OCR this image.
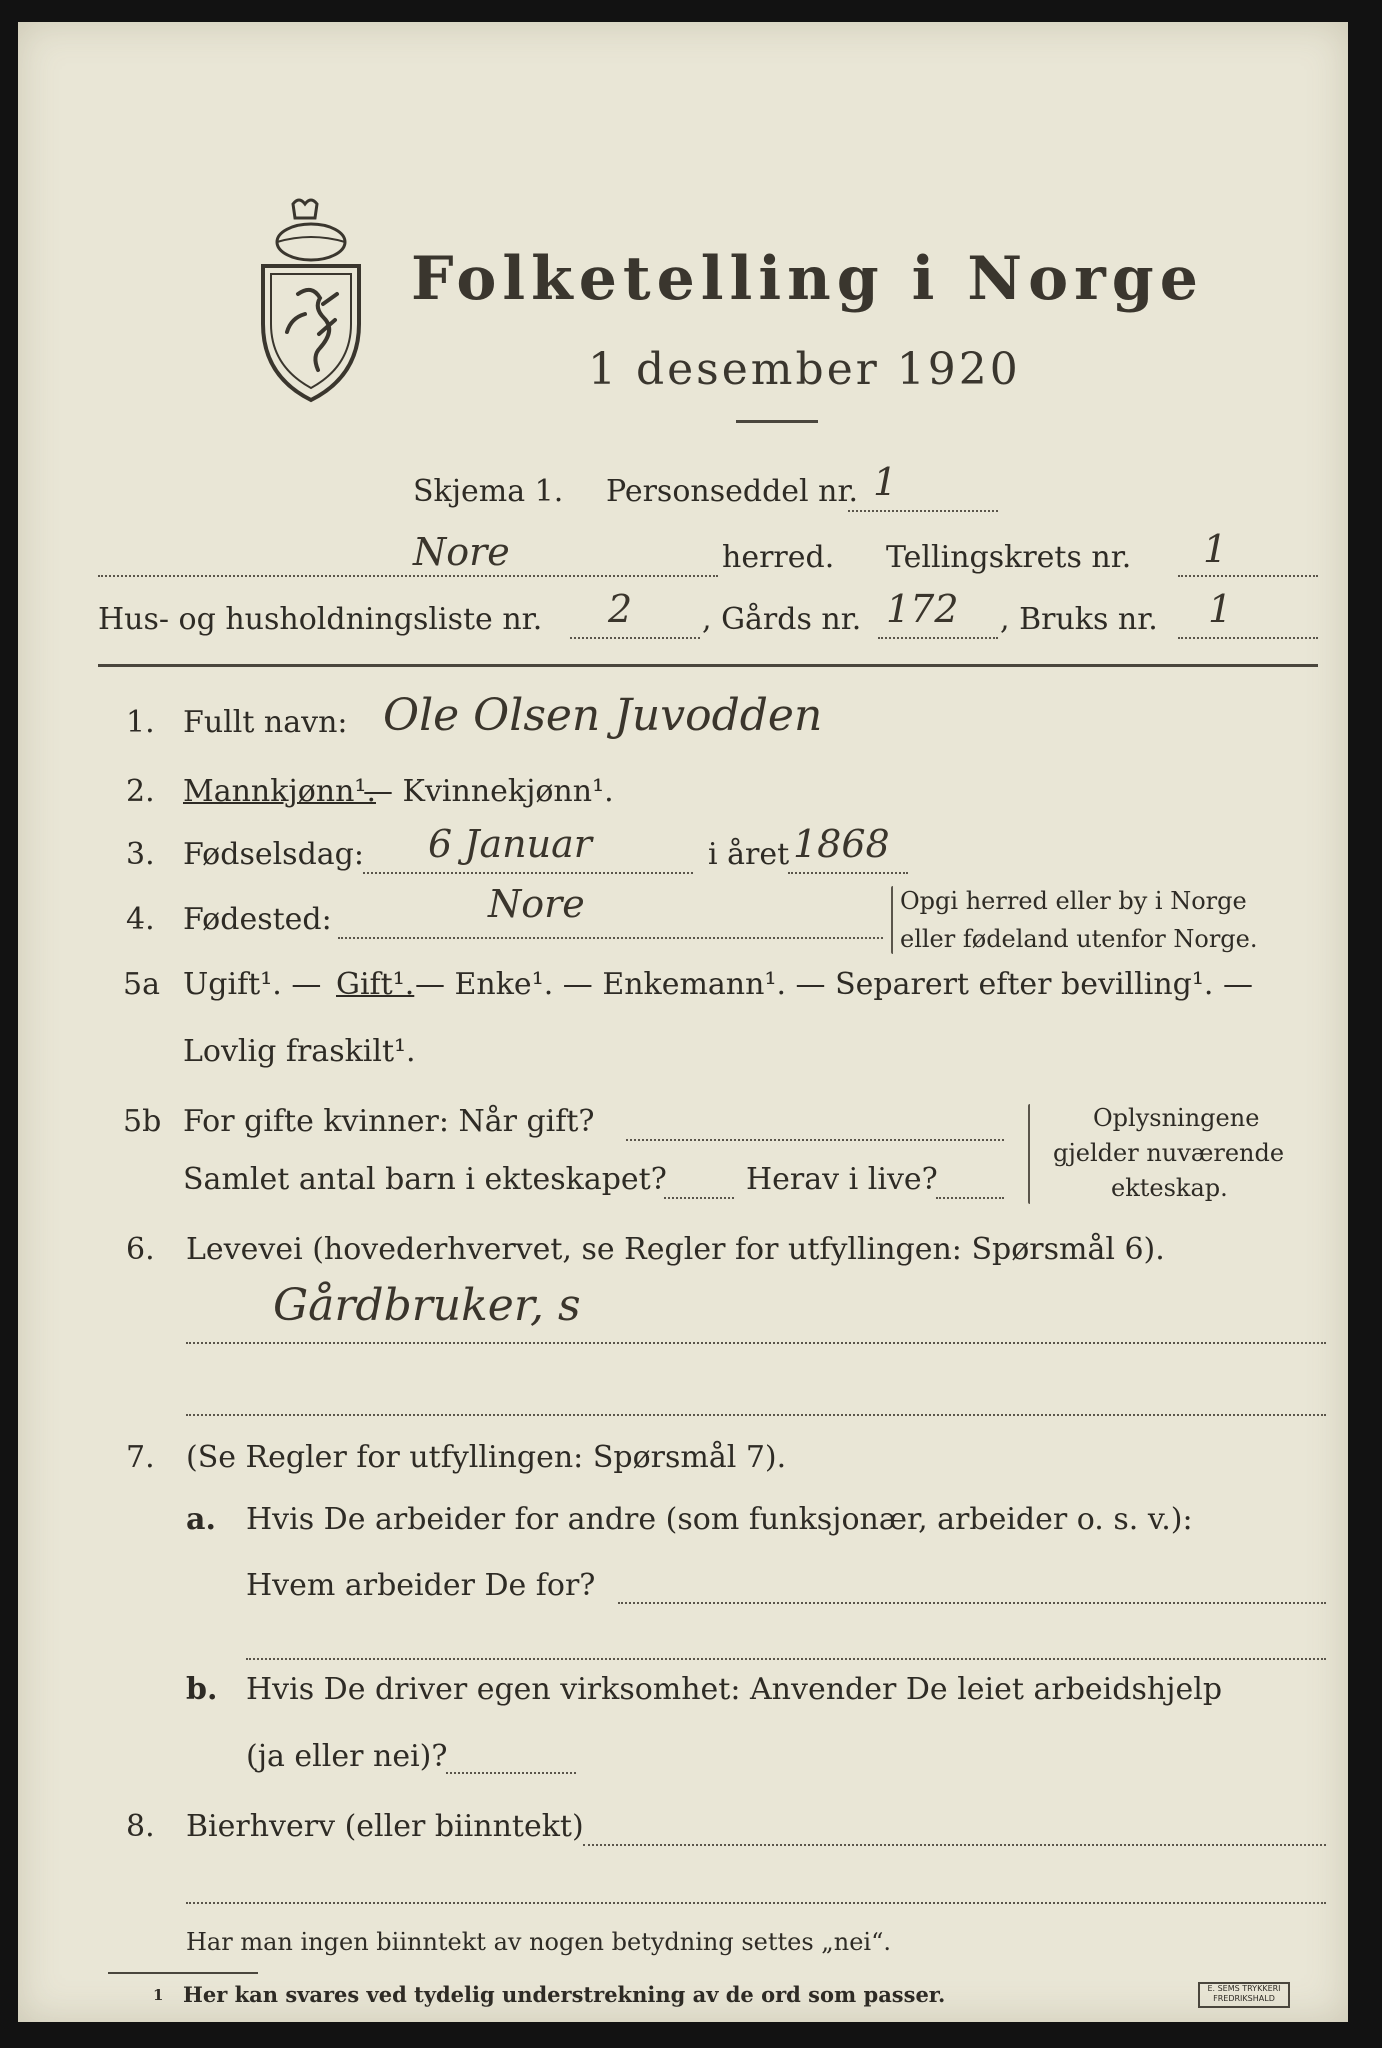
Folketelling i Norge
1 desember 1920
Skjema 1. Personseddel nr. 1
Nore	herred. Tellingskrets nr. 1
Hus- og husholdningsliste nr. 2 , Gårds nr. 172 , Bruks nr. 1
1. Fullt navn: Ole Olsen Juvodden
2. Mannkjønn¹.
— Kvinnekjønn¹.
3. Fødselsdag: 6 Januar	i året 1868
4. Fødested:	Nore	Opgi herred eller by i Norge
eller fødeland utenfor Norge.
5a Ugift¹. — Gift¹. — Enke¹. — Enkemann¹. — Separert efter bevilling¹. —
Lovlig fraskilt¹.
5b For gifte kvinner: Når gift?
Samlet antal barn i ekteskapet?	Herav i live?
Oplysningene
gjelder nuværende
ekteskap.
6. Levevei (hovederhvervet, se Regler for utfyllingen: Spørsmål 6).
Gårdbruker, s
7. (Se Regler for utfyllingen: Spørsmål 7).
a. Hvis De arbeider for andre (som funksjonær, arbeider o. s. v.):
Hvem arbeider De for?
b. Hvis De driver egen virksomhet: Anvender De leiet arbeidshjelp
(ja eller nei)?
8. Bierhverv (eller biinntekt)
Har man ingen biinntekt av nogen betydning settes „nei“.
1 Her kan svares ved tydelig understrekning av de ord som passer.	E. SEMS TRYKKERI
FREDRIKSHALD
